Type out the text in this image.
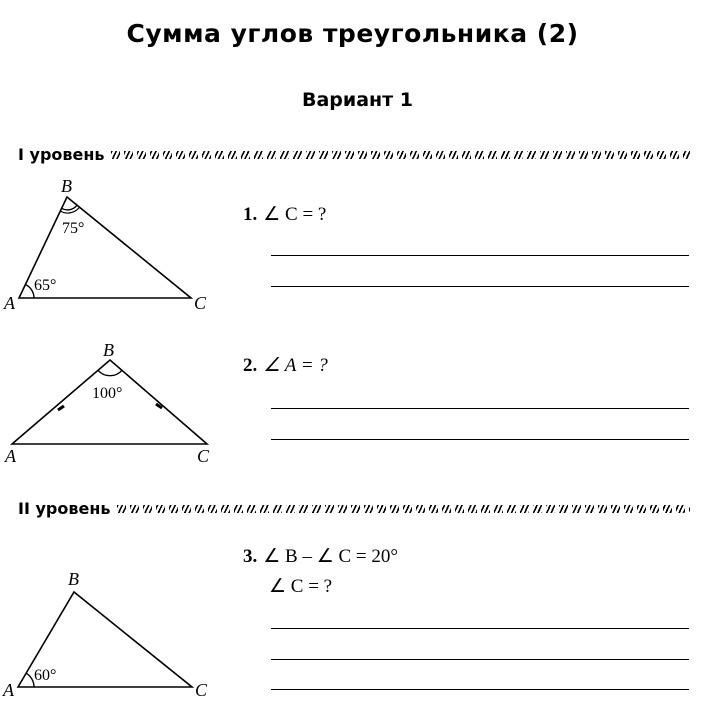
Сумма углов треугольника (2)
Вариант 1
I уровень
B
A	C
75°
65°
1. ∠ C = ?
B
A	C
100°
2. ∠ A = ?
II уровень
B
A	C
60°
3. ∠ B – ∠ C = 20°
∠ C = ?
